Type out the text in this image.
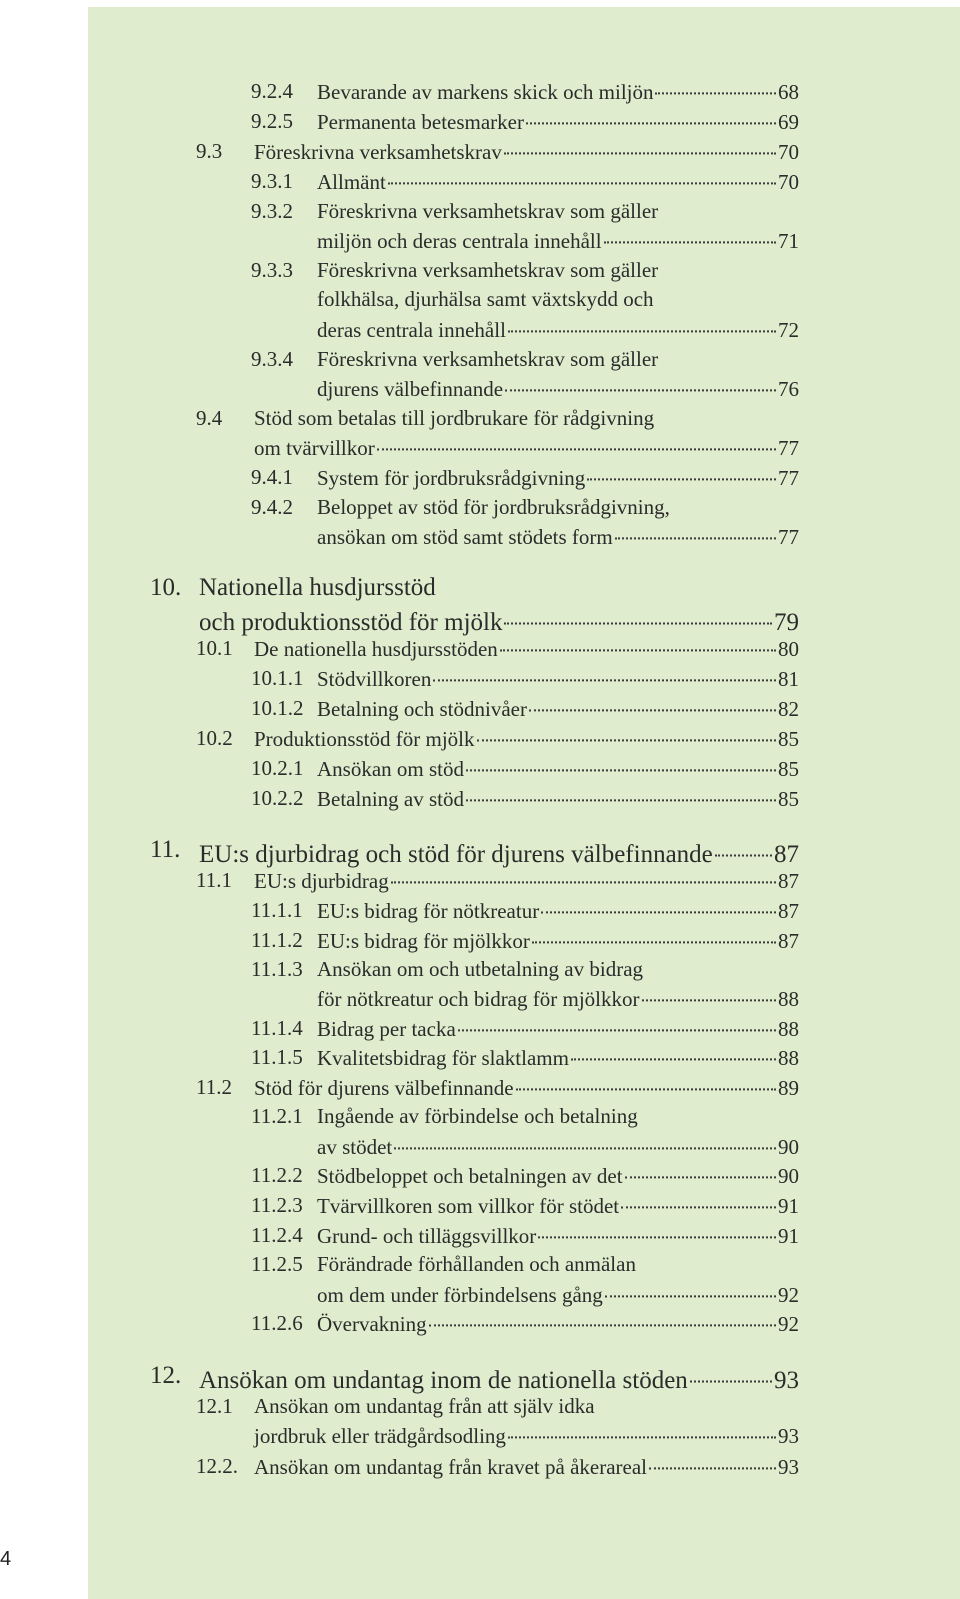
9.2.4 Bevarande av markens skick och miljön	68
9.2.5 Permanenta betesmarker	69
9.3 Föreskrivna verksamhetskrav	70
9.3.1 Allmänt	70
9.3.2 Föreskrivna verksamhetskrav som gäller
miljön och deras centrala innehåll	71
9.3.3 Föreskrivna verksamhetskrav som gäller
folkhälsa, djurhälsa samt växtskydd och
deras centrala innehåll	72
9.3.4 Föreskrivna verksamhetskrav som gäller
djurens välbefinnande	76
9.4 Stöd som betalas till jordbrukare för rådgivning
om tvärvillkor	77
9.4.1 System för jordbruksrådgivning	77
9.4.2 Beloppet av stöd för jordbruksrådgivning,
ansökan om stöd samt stödets form	77
10. Nationella husdjursstöd
och produktionsstöd för mjölk	79
10.1 De nationella husdjursstöden	80
10.1.1 Stödvillkoren	81
10.1.2 Betalning och stödnivåer	82
10.2 Produktionsstöd för mjölk	85
10.2.1 Ansökan om stöd	85
10.2.2 Betalning av stöd	85
11. EU:s djurbidrag och stöd för djurens välbefinnande 87
11.1 EU:s djurbidrag	87
11.1.1 EU:s bidrag för nötkreatur	87
11.1.2 EU:s bidrag för mjölkkor	87
11.1.3 Ansökan om och utbetalning av bidrag
för nötkreatur och bidrag för mjölkkor	88
11.1.4 Bidrag per tacka	88
11.1.5 Kvalitetsbidrag för slaktlamm	88
11.2 Stöd för djurens välbefinnande	89
11.2.1 Ingående av förbindelse och betalning
av stödet	90
11.2.2 Stödbeloppet och betalningen av det	90
11.2.3 Tvärvillkoren som villkor för stödet	91
11.2.4 Grund- och tilläggsvillkor	91
11.2.5 Förändrade förhållanden och anmälan
om dem under förbindelsens gång	92
11.2.6 Övervakning	92
12. Ansökan om undantag inom de nationella stöden	93
12.1 Ansökan om undantag från att själv idka
jordbruk eller trädgårdsodling	93
12.2. Ansökan om undantag från kravet på åkerareal	93
4
